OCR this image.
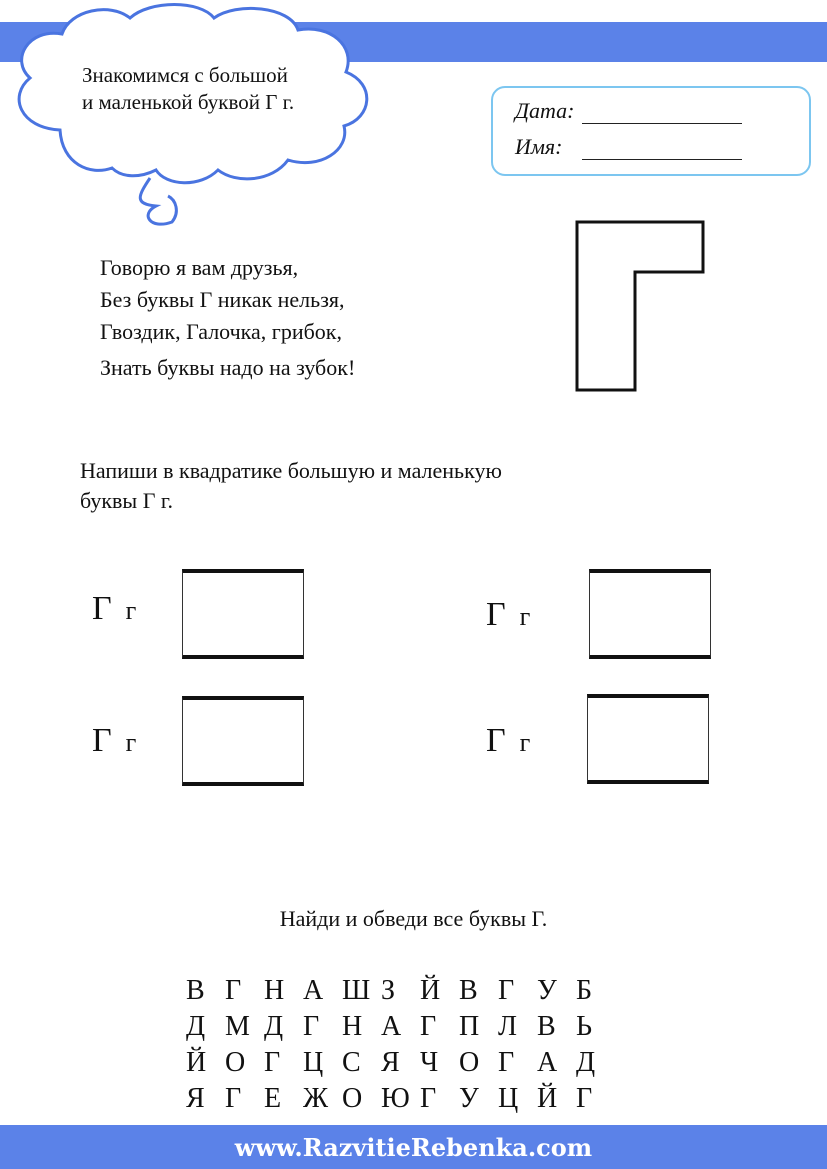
Знакомимся с большой
и маленькой буквой Г г.	Дата:
Имя:
Говорю я вам друзья,
Без буквы Г никак нельзя,
Гвоздик, Галочка, грибок,
Знать буквы надо на зубок!
Напиши в квадратике большую и маленькую
буквы Г г.
Г г	Г г
Г г	Г г
Найди и обведи все буквы Г.
В Г Н А Ш З Й В Г У Б
Д М Д Г Н А Г П Л В Ь
Й О Г Ц С Я Ч О Г А Д
Я Г Е Ж О Ю Г У Ц Й Г
www.RazvitieRebenka.com
